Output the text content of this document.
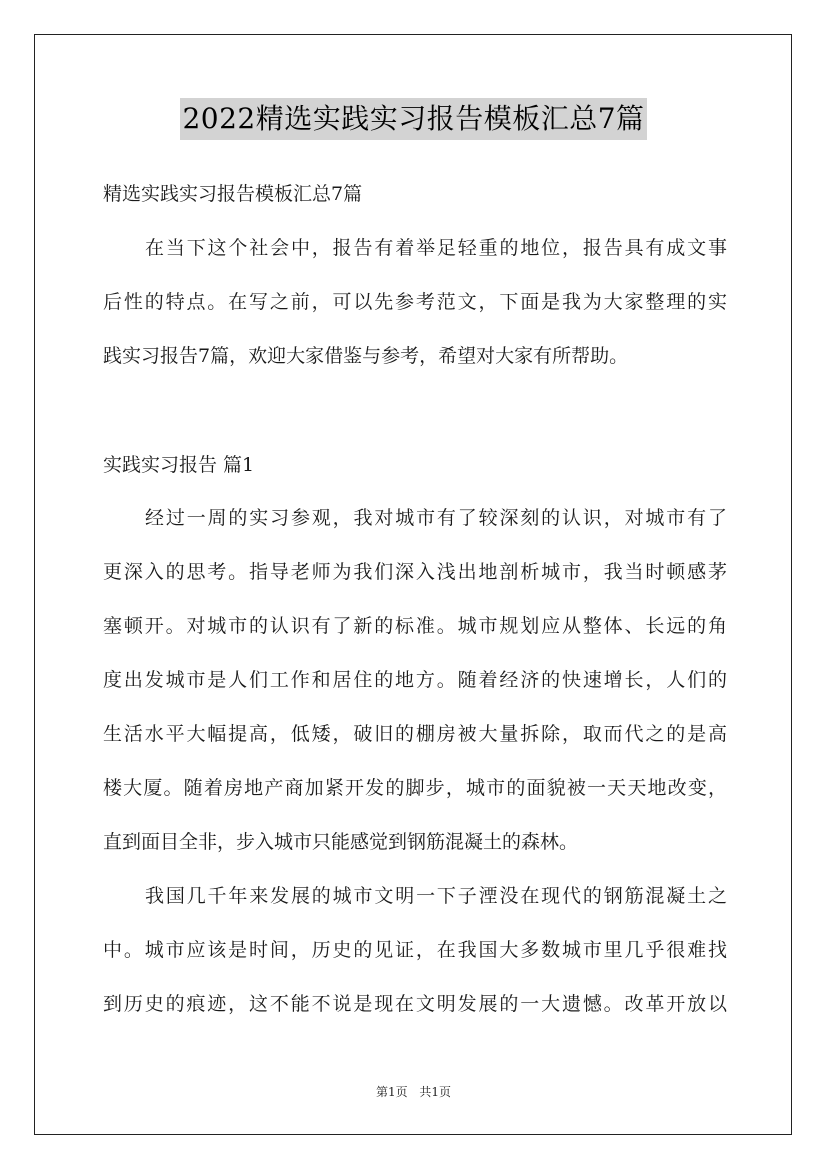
2022精选实践实习报告模板汇总7篇
精选实践实习报告模板汇总7篇
在当下这个社会中，报告有着举足轻重的地位，报告具有成文事
后性的特点。在写之前，可以先参考范文，下面是我为大家整理的实
践实习报告7篇，欢迎大家借鉴与参考，希望对大家有所帮助。
实践实习报告 篇1
经过一周的实习参观，我对城市有了较深刻的认识，对城市有了
更深入的思考。指导老师为我们深入浅出地剖析城市，我当时顿感茅
塞顿开。对城市的认识有了新的标准。城市规划应从整体、长远的角
度出发城市是人们工作和居住的地方。随着经济的快速增长，人们的
生活水平大幅提高，低矮，破旧的棚房被大量拆除，取而代之的是高
楼大厦。随着房地产商加紧开发的脚步，城市的面貌被一天天地改变，
直到面目全非，步入城市只能感觉到钢筋混凝土的森林。
我国几千年来发展的城市文明一下子湮没在现代的钢筋混凝土之
中。城市应该是时间，历史的见证，在我国大多数城市里几乎很难找
到历史的痕迹，这不能不说是现在文明发展的一大遗憾。改革开放以
第1页 共1页
